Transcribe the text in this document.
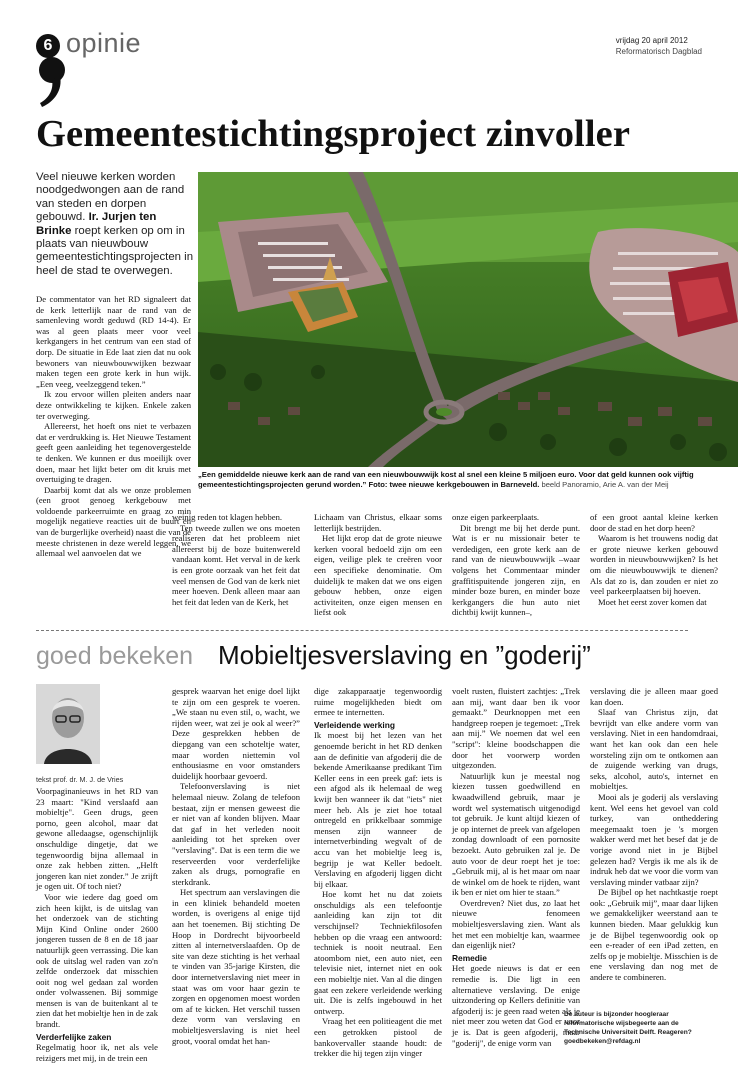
6 opinie	vrijdag 20 april 2012
Reformatorisch Dagblad
Gemeentestichtingsproject zinvoller
Veel nieuwe kerken worden noodgedwongen aan de rand van steden en dorpen gebouwd. Ir. Jurjen ten Brinke roept kerken op om in plaats van nieuwbouw gemeentestichtingsprojecten in heel de stad te overwegen.
„Een gemiddelde nieuwe kerk aan de rand van een nieuwbouwwijk kost al snel een kleine 5 miljoen euro. Voor dat geld kunnen ook vijftig gemeentestichtingsprojecten gerund worden.” Foto: twee nieuwe kerkgebouwen in Barneveld. beeld Panoramio, Arie A. van der Meij

De commentator van het RD signaleert dat de kerk letterlijk naar de rand van de samenleving wordt geduwd (RD 14-4). Er was al geen plaats meer voor veel kerkgangers in het centrum van een stad of dorp. De situatie in Ede laat zien dat nu ook bewoners van nieuwbouwwijken bezwaar maken tegen een grote kerk in hun wijk. „Een veeg, veelzeggend teken.”

Ik zou ervoor willen pleiten anders naar deze ontwikkeling te kijken. Enkele zaken ter overweging.

Allereerst, het hoeft ons niet te verbazen dat er verdrukking is. Het Nieuwe Testament geeft geen aanleiding het tegenovergestelde te denken. We kunnen er dus moeilijk over doen, maar het lijkt beter om dit kruis met overtuiging te dragen.

Daarbij komt dat als we onze problemen (een groot genoeg kerkgebouw met voldoende parkeerruimte en graag zo min mogelijk negatieve reacties uit de buurt en van de burgerlijke overheid) naast die van de meeste christenen in deze wereld leggen, we allemaal wel aanvoelen dat we

weinig reden tot klagen hebben.

Ten tweede zullen we ons moeten realiseren dat het probleem niet allereerst bij de boze buitenwereld vandaan komt. Het verval in de kerk is een grote oorzaak van het feit dat veel mensen de God van de kerk niet meer hoeven. Denk alleen maar aan het feit dat leden van de Kerk, het

Lichaam van Christus, elkaar soms letterlijk bestrijden.

Het lijkt erop dat de grote nieuwe kerken vooral bedoeld zijn om een eigen, veilige plek te creëren voor een specifieke denominatie. Om duidelijk te maken dat we ons eigen gebouw hebben, onze eigen activiteiten, onze eigen mensen en liefst ook

onze eigen parkeerplaats.

Dit brengt me bij het derde punt. Wat is er nu missionair beter te verdedigen, een grote kerk aan de rand van de nieuwbouwwijk –waar volgens het Commentaar minder graffitispuitende jongeren zijn, en minder boze buren, en minder boze kerkgangers die hun auto niet dichtbij kwijt kunnen–,

of een groot aantal kleine kerken door de stad en het dorp heen?

Waarom is het trouwens nodig dat er grote nieuwe kerken gebouwd worden in nieuwbouwwijken? Is het om die nieuwbouwwijk te dienen? Als dat zo is, dan zouden er niet zo veel parkeerplaatsen bij hoeven.

Moet het eerst zover komen dat

goed bekeken Mobieltjesverslaving en ”goderij”
tekst prof. dr. M. J. de Vries

Voorpaginanieuws in het RD van 23 maart: "Kind verslaafd aan mobieltje". Geen drugs, geen porno, geen alcohol, maar dat gewone alledaagse, ogenschijnlijk onschuldige dingetje, dat we tegenwoordig bijna allemaal in onze zak hebben zitten. „Helft jongeren kan niet zonder.” Je zrijft je ogen uit. Of toch niet?

Voor wie iedere dag goed om zich heen kijkt, is de uitslag van het onderzoek van de stichting Mijn Kind Online onder 2600 jongeren tussen de 8 en de 18 jaar natuurlijk geen verrassing. Die kan ook de uitslag wel raden van zo'n zelfde onderzoek dat misschien ooit nog wel gedaan zal worden onder volwassenen. Bij sommige mensen is van de buitenkant al te zien dat het mobieltje hen in de zak brandt.

Verderfelijke zaken

Regelmatig hoor ik, net als vele reizigers met mij, in de trein een

gesprek waarvan het enige doel lijkt te zijn om een gesprek te voeren. „We staan nu even stil, o, wacht, we rijden weer, wat zei je ook al weer?” Deze gesprekken hebben de diepgang van een schoteltje water, maar worden niettemin vol enthousiasme en voor omstanders duidelijk hoorbaar gevoerd.

Telefoonverslaving is niet helemaal nieuw. Zolang de telefoon bestaat, zijn er mensen geweest die er niet van af konden blijven. Maar dat gaf in het verleden nooit aanleiding tot het spreken over "verslaving". Dat is een term die we reserveerden voor verderfelijke zaken als drugs, pornografie en sterkdrank.

Het spectrum aan verslavingen die in een kliniek behandeld moeten worden, is overigens al enige tijd aan het toenemen. Bij stichting De Hoop in Dordrecht bijvoorbeeld zitten al internetverslaafden. Op de site van deze stichting is het verhaal te vinden van 35-jarige Kirsten, die door internetverslaving niet meer in staat was om voor haar gezin te zorgen en opgenomen moest worden om af te kicken. Het verschil tussen deze vorm van verslaving en mobieltjesverslaving is niet heel groot, vooral omdat het han-

dige zakapparaatje tegenwoordig ruime mogelijkheden biedt om ermee te internetten.

Verleidende werking

Ik moest bij het lezen van het genoemde bericht in het RD denken aan de definitie van afgoderij die de bekende Amerikaanse predikant Tim Keller eens in een preek gaf: iets is een afgod als ik helemaal de weg kwijt ben wanneer ik dat "iets" niet meer heb. Als je ziet hoe totaal ontregeld en prikkelbaar sommige mensen zijn wanneer de internetverbinding wegvalt of de accu van het mobieltje leeg is, begrijp je wat Keller bedoelt. Verslaving en afgoderij liggen dicht bij elkaar.

Hoe komt het nu dat zoiets onschuldigs als een telefoontje aanleiding kan zijn tot dit verschijnsel? Techniekfilosofen hebben op die vraag een antwoord: techniek is nooit neutraal. Een atoombom niet, een auto niet, een televisie niet, internet niet en ook een mobieltje niet. Van al die dingen gaat een zekere verleidende werking uit. Die is zelfs ingebouwd in het ontwerp.

Vraag het een politieagent die met een getrokken pistool de bankovervaller staande houdt: de trekker die hij tegen zijn vinger

voelt rusten, fluistert zachtjes: „Trek aan mij, want daar ben ik voor gemaakt.” Deurknoppen met een handgreep roepen je tegemoet: „Trek aan mij.” We noemen dat wel een "script": kleine boodschappen die door het voorwerp worden uitgezonden.

Natuurlijk kun je meestal nog kiezen tussen goedwillend en kwaadwillend gebruik, maar je wordt wel systematisch uitgenodigd tot gebruik. Je kunt altijd kiezen of je op internet de preek van afgelopen zondag downloadt of een pornosite bezoekt. Auto gebruiken zal je. De auto voor de deur roept het je toe: „Gebruik mij, al is het maar om naar de winkel om de hoek te rijden, want ik ben er niet om hier te staan.”

Overdreven? Niet dus, zo laat het nieuwe fenomeen mobieltjesverslaving zien. Want als het met een mobieltje kan, waarmee dan eigenlijk niet?

Remedie

Het goede nieuws is dat er een remedie is. Die ligt in een alternatieve verslaving. De enige uitzondering op Kellers definitie van afgoderij is: je geen raad weten als je niet meer zou weten dat God er voor je is. Dat is geen afgoderij, maar "goderij", de enige vorm van

verslaving die je alleen maar goed kan doen.

Slaaf van Christus zijn, dat bevrijdt van elke andere vorm van verslaving. Niet in een handomdraai, want het kan ook dan een hele worsteling zijn om te ontkomen aan de zuigende werking van drugs, seks, alcohol, auto's, internet en mobieltjes.

Mooi als je goderij als verslaving kent. Wel eens het gevoel van cold turkey, van ontheddering meegemaakt toen je 's morgen wakker werd met het besef dat je de vorige avond niet in je Bijbel gelezen had? Vergis ik me als ik de indruk heb dat we voor die vorm van verslaving minder vatbaar zijn?

De Bijbel op het nachtkastje roept ook: „Gebruik mij”, maar daar lijken we gemakkelijker weerstand aan te kunnen bieden. Maar gelukkig kun je de Bijbel tegenwoordig ook op een e-reader of een iPad zetten, en zelfs op je mobieltje. Misschien is de ene verslaving dan nog met de andere te combineren.

De auteur is bijzonder hoogleraar reformatorische wijsbegeerte aan de Technische Universiteit Delft. Reageren? goedbekeken@refdag.nl
